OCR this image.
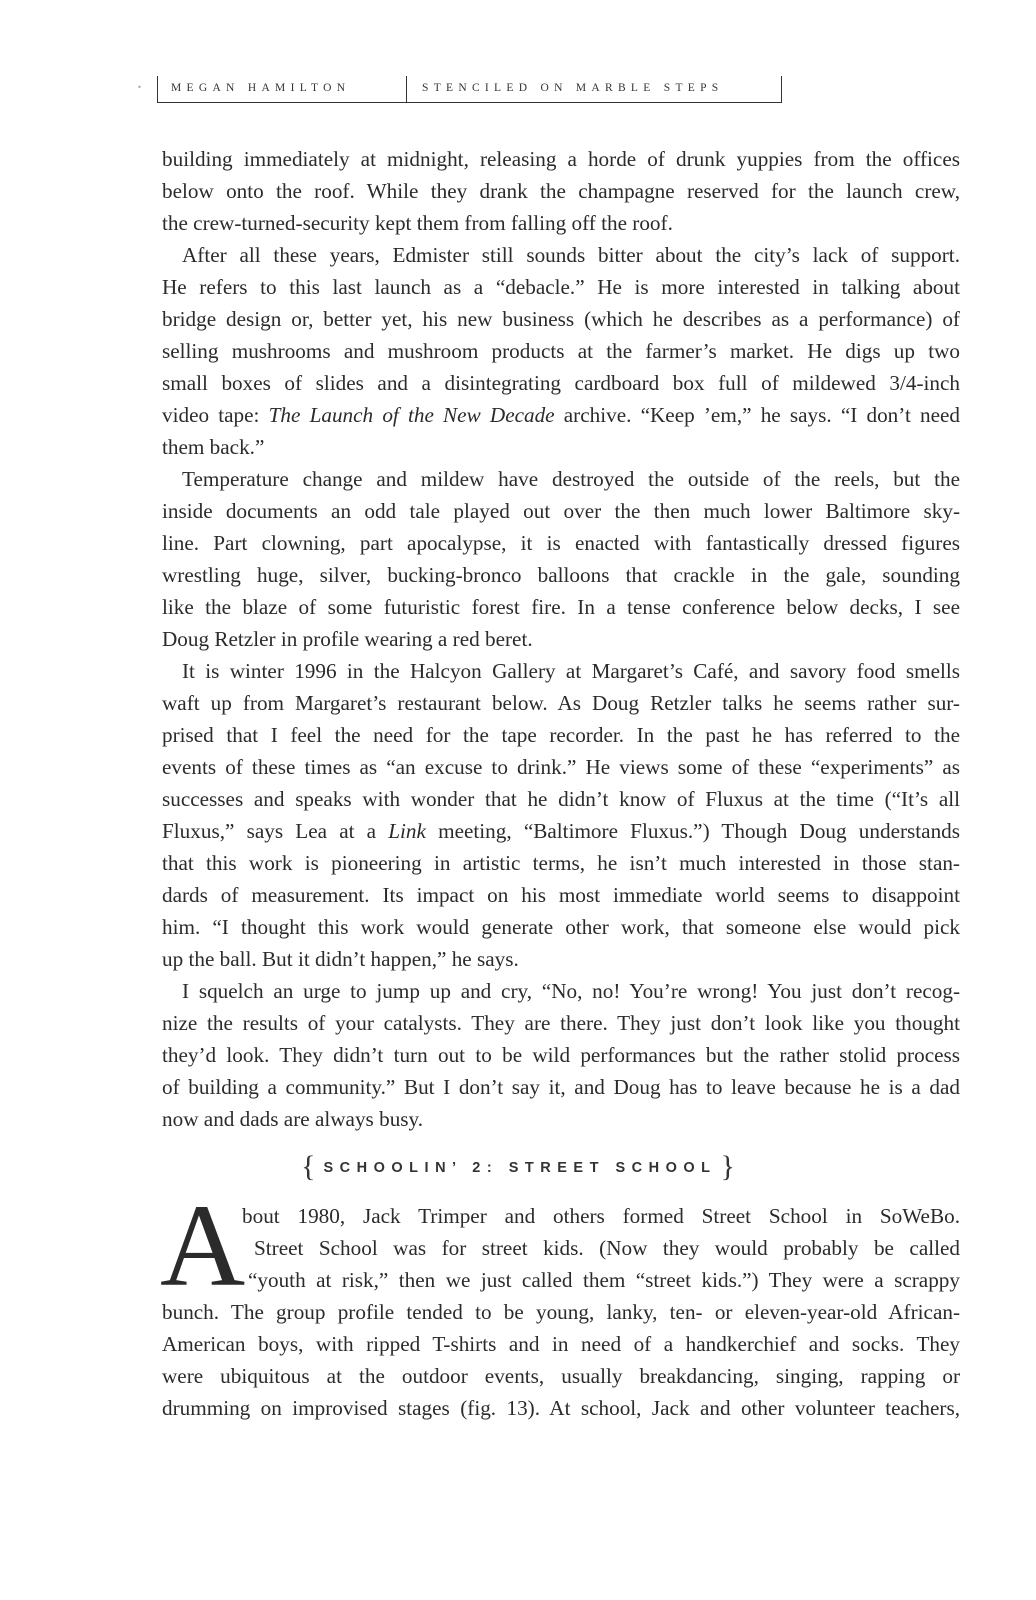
•	MEGAN HAMILTON	STENCILED ON MARBLE STEPS
building immediately at midnight, releasing a horde of drunk yuppies from the offices
below onto the roof. While they drank the champagne reserved for the launch crew,
the crew-turned-security kept them from falling off the roof.
After all these years, Edmister still sounds bitter about the city’s lack of support.
He refers to this last launch as a “debacle.” He is more interested in talking about
bridge design or, better yet, his new business (which he describes as a performance) of
selling mushrooms and mushroom products at the farmer’s market. He digs up two
small boxes of slides and a disintegrating cardboard box full of mildewed 3/4-inch
video tape: The Launch of the New Decade archive. “Keep ’em,” he says. “I don’t need
them back.”
Temperature change and mildew have destroyed the outside of the reels, but the
inside documents an odd tale played out over the then much lower Baltimore sky-
line. Part clowning, part apocalypse, it is enacted with fantastically dressed figures
wrestling huge, silver, bucking-bronco balloons that crackle in the gale, sounding
like the blaze of some futuristic forest fire. In a tense conference below decks, I see
Doug Retzler in profile wearing a red beret.
It is winter 1996 in the Halcyon Gallery at Margaret’s Café, and savory food smells
waft up from Margaret’s restaurant below. As Doug Retzler talks he seems rather sur-
prised that I feel the need for the tape recorder. In the past he has referred to the
events of these times as “an excuse to drink.” He views some of these “experiments” as
successes and speaks with wonder that he didn’t know of Fluxus at the time (“It’s all
Fluxus,” says Lea at a Link meeting, “Baltimore Fluxus.”) Though Doug understands
that this work is pioneering in artistic terms, he isn’t much interested in those stan-
dards of measurement. Its impact on his most immediate world seems to disappoint
him. “I thought this work would generate other work, that someone else would pick
up the ball. But it didn’t happen,” he says.
I squelch an urge to jump up and cry, “No, no! You’re wrong! You just don’t recog-
nize the results of your catalysts. They are there. They just don’t look like you thought
they’d look. They didn’t turn out to be wild performances but the rather stolid process
of building a community.” But I don’t say it, and Doug has to leave because he is a dad
now and dads are always busy.
{ SCHOOLIN’ 2: STREET SCHOOL }
A
bout 1980, Jack Trimper and others formed Street School in SoWeBo.
Street School was for street kids. (Now they would probably be called
“youth at risk,” then we just called them “street kids.”) They were a scrappy
bunch. The group profile tended to be young, lanky, ten- or eleven-year-old African-
American boys, with ripped T-shirts and in need of a handkerchief and socks. They
were ubiquitous at the outdoor events, usually breakdancing, singing, rapping or
drumming on improvised stages (fig. 13). At school, Jack and other volunteer teachers,
